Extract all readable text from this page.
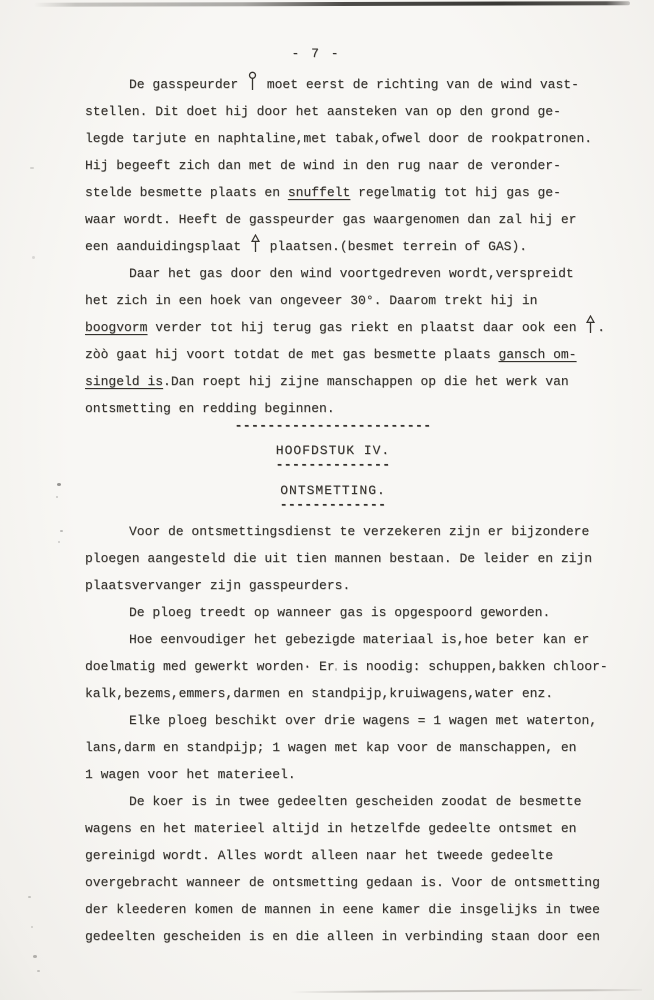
- 7 -
De gasspeurder
moet eerst de richting van de wind vast-
stellen. Dit doet hij door het aansteken van op den grond ge-
legde tarjute en naphtaline,met tabak,ofwel door de rookpatronen.
Hij begeeft zich dan met de wind in den rug naar de veronder-
stelde besmette plaats en snuffelt regelmatig tot hij gas ge-
waar wordt. Heeft de gasspeurder gas waargenomen dan zal hij er
een aanduidingsplaat
plaatsen.(besmet terrein of GAS).
Daar het gas door den wind voortgedreven wordt,verspreidt
het zich in een hoek van ongeveer 30°. Daarom trekt hij in
boogvorm verder tot hij terug gas riekt en plaatst daar ook een
.
zòò gaat hij voort totdat de met gas besmette plaats gansch om-
singeld is.Dan roept hij zijne manschappen op die het werk van
ontsmetting en redding beginnen.
------------------------
HOOFDSTUK IV.
--------------
ONTSMETTING.
-------------
Voor de ontsmettingsdienst te verzekeren zijn er bijzondere
ploegen aangesteld die uit tien mannen bestaan. De leider en zijn
plaatsvervanger zijn gasspeurders.
De ploeg treedt op wanneer gas is opgespoord geworden.
Hoe eenvoudiger het gebezigde materiaal is,hoe beter kan er
doelmatig med gewerkt worden· Er is noodig: schuppen,bakken chloor-
kalk,bezems,emmers,darmen en standpijp,kruiwagens,water enz.
Elke ploeg beschikt over drie wagens = 1 wagen met waterton,
lans,darm en standpijp; 1 wagen met kap voor de manschappen, en
1 wagen voor het materieel.
De koer is in twee gedeelten gescheiden zoodat de besmette
wagens en het materieel altijd in hetzelfde gedeelte ontsmet en
gereinigd wordt. Alles wordt alleen naar het tweede gedeelte
overgebracht wanneer de ontsmetting gedaan is. Voor de ontsmetting
der kleederen komen de mannen in eene kamer die insgelijks in twee
gedeelten gescheiden is en die alleen in verbinding staan door een
